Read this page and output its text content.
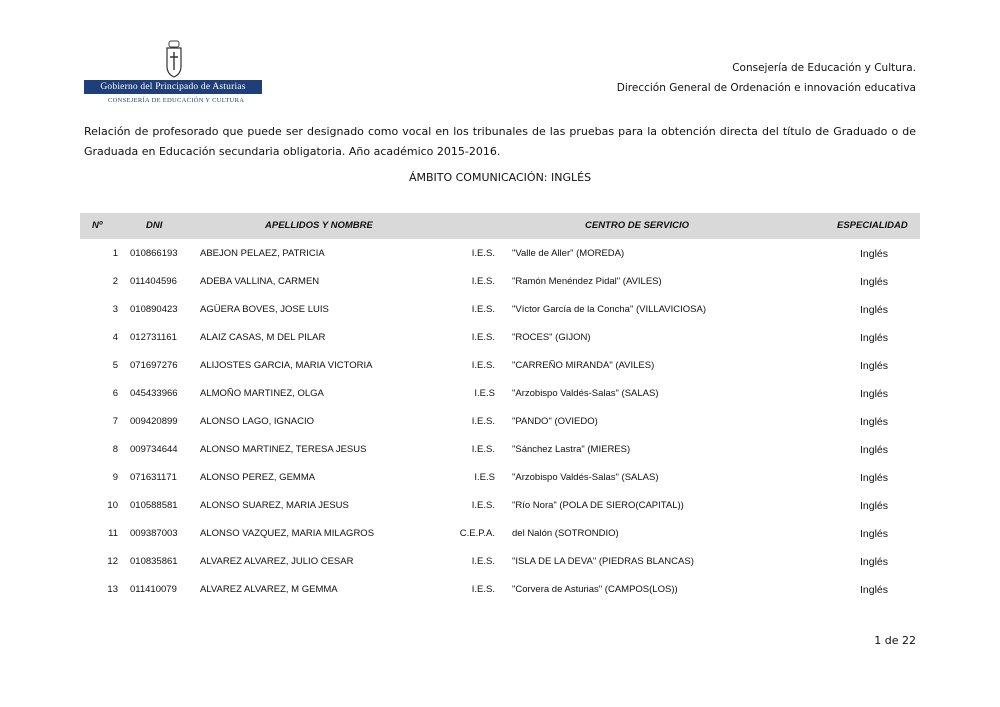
Gobierno del Principado de Asturias
CONSEJERÍA DE EDUCACIÓN Y CULTURA
Consejería de Educación y Cultura.
Dirección General de Ordenación e innovación educativa
Relación de profesorado que puede ser designado como vocal en los tribunales de las pruebas para la obtención directa del título de Graduado o de Graduada en Educación secundaria obligatoria. Año académico 2015-2016.
ÁMBITO COMUNICACIÓN: INGLÉS
Nº	DNI	APELLIDOS Y NOMBRE	CENTRO DE SERVICIO	ESPECIALIDAD
1 010866193 ABEJON PELAEZ, PATRICIA	I.E.S. "Valle de Aller" (MOREDA)	Inglés
2 011404596 ADEBA VALLINA, CARMEN	I.E.S. "Ramón Menéndez Pidal" (AVILES)	Inglés
3 010890423 AGÜERA BOVES, JOSE LUIS	I.E.S. "Víctor García de la Concha" (VILLAVICIOSA)	Inglés
4 012731161 ALAIZ CASAS, M DEL PILAR	I.E.S. "ROCES" (GIJON)	Inglés
5 071697276 ALIJOSTES GARCIA, MARIA VICTORIA	I.E.S. "CARREÑO MIRANDA" (AVILES)	Inglés
6 045433966 ALMOÑO MARTINEZ, OLGA	I.E.S "Arzobispo Valdés-Salas" (SALAS)	Inglés
7 009420899 ALONSO LAGO, IGNACIO	I.E.S. "PANDO" (OVIEDO)	Inglés
8 009734644 ALONSO MARTINEZ, TERESA JESUS	I.E.S. "Sánchez Lastra" (MIERES)	Inglés
9 071631171 ALONSO PEREZ, GEMMA	I.E.S "Arzobispo Valdés-Salas" (SALAS)	Inglés
10 010588581 ALONSO SUAREZ, MARIA JESUS	I.E.S. "Río Nora" (POLA DE SIERO(CAPITAL))	Inglés
11 009387003 ALONSO VAZQUEZ, MARIA MILAGROS	C.E.P.A. del Nalón (SOTRONDIO)	Inglés
12 010835861 ALVAREZ ALVAREZ, JULIO CESAR	I.E.S. "ISLA DE LA DEVA" (PIEDRAS BLANCAS)	Inglés
13 011410079 ALVAREZ ALVAREZ, M GEMMA	I.E.S. "Corvera de Asturias" (CAMPOS(LOS))	Inglés
1 de 22
